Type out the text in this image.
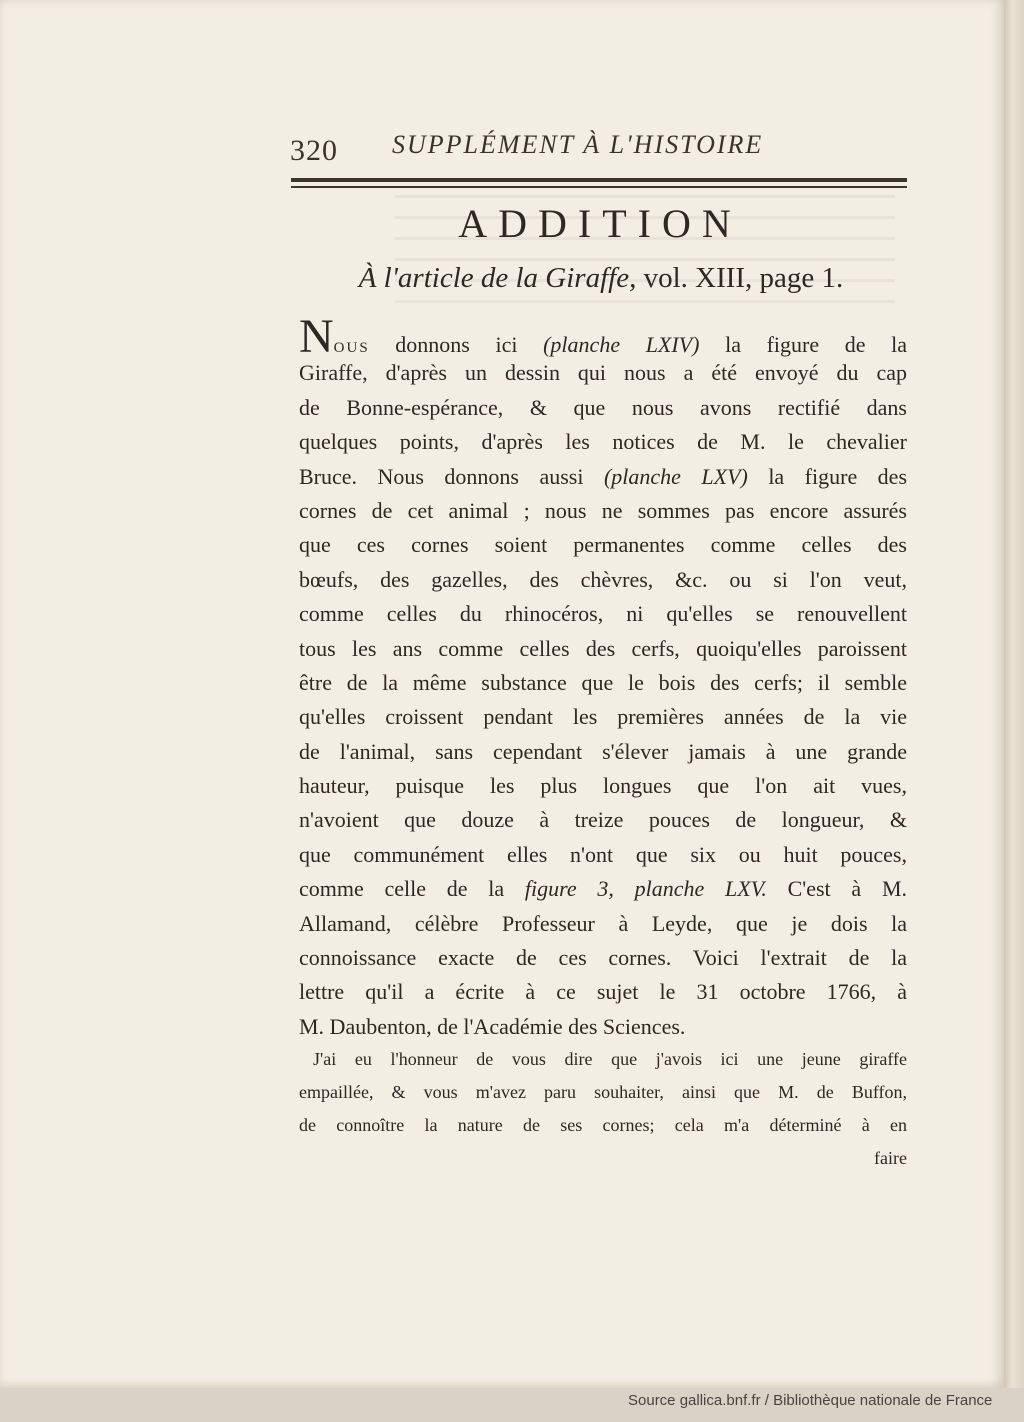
320 SUPPLÉMENT À L'HISTOIRE
ADDITION
À l'article de la Giraffe, vol. XIII, page 1.
Nous donnons ici (planche LXIV) la figure de la
Giraffe, d'après un dessin qui nous a été envoyé du cap
de Bonne-espérance, & que nous avons rectifié dans
quelques points, d'après les notices de M. le chevalier
Bruce. Nous donnons aussi (planche LXV) la figure des
cornes de cet animal ; nous ne sommes pas encore assurés
que ces cornes soient permanentes comme celles des
bœufs, des gazelles, des chèvres, &c. ou si l'on veut,
comme celles du rhinocéros, ni qu'elles se renouvellent
tous les ans comme celles des cerfs, quoiqu'elles paroissent
être de la même substance que le bois des cerfs; il semble
qu'elles croissent pendant les premières années de la vie
de l'animal, sans cependant s'élever jamais à une grande
hauteur, puisque les plus longues que l'on ait vues,
n'avoient que douze à treize pouces de longueur, &
que communément elles n'ont que six ou huit pouces,
comme celle de la figure 3, planche LXV. C'est à M.
Allamand, célèbre Professeur à Leyde, que je dois la
connoissance exacte de ces cornes. Voici l'extrait de la
lettre qu'il a écrite à ce sujet le 31 octobre 1766, à
M. Daubenton, de l'Académie des Sciences.
J'ai eu l'honneur de vous dire que j'avois ici une jeune giraffe
empaillée, & vous m'avez paru souhaiter, ainsi que M. de Buffon,
de connoître la nature de ses cornes; cela m'a déterminé à en
faire
Source gallica.bnf.fr / Bibliothèque nationale de France
